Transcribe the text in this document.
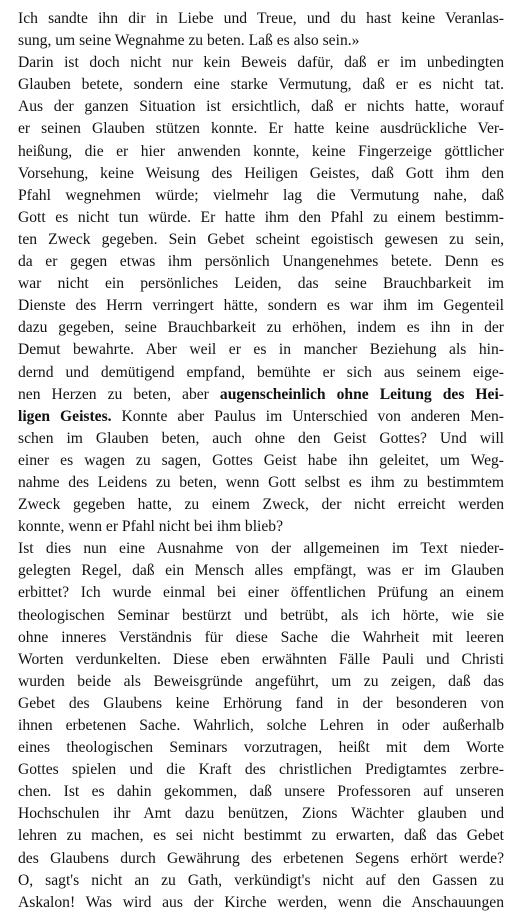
Ich sandte ihn dir in Liebe und Treue, und du hast keine Veranlas-
sung, um seine Wegnahme zu beten. Laß es also sein.»
Darin ist doch nicht nur kein Beweis dafür, daß er im unbedingten
Glauben betete, sondern eine starke Vermutung, daß er es nicht tat.
Aus der ganzen Situation ist ersichtlich, daß er nichts hatte, worauf
er seinen Glauben stützen konnte. Er hatte keine ausdrückliche Ver-
heißung, die er hier anwenden konnte, keine Fingerzeige göttlicher
Vorsehung, keine Weisung des Heiligen Geistes, daß Gott ihm den
Pfahl wegnehmen würde; vielmehr lag die Vermutung nahe, daß
Gott es nicht tun würde. Er hatte ihm den Pfahl zu einem bestimm-
ten Zweck gegeben. Sein Gebet scheint egoistisch gewesen zu sein,
da er gegen etwas ihm persönlich Unangenehmes betete. Denn es
war nicht ein persönliches Leiden, das seine Brauchbarkeit im
Dienste des Herrn verringert hätte, sondern es war ihm im Gegenteil
dazu gegeben, seine Brauchbarkeit zu erhöhen, indem es ihn in der
Demut bewahrte. Aber weil er es in mancher Beziehung als hin-
dernd und demütigend empfand, bemühte er sich aus seinem eige-
nen Herzen zu beten, aber augenscheinlich ohne Leitung des Hei-
ligen Geistes. Konnte aber Paulus im Unterschied von anderen Men-
schen im Glauben beten, auch ohne den Geist Gottes? Und will
einer es wagen zu sagen, Gottes Geist habe ihn geleitet, um Weg-
nahme des Leidens zu beten, wenn Gott selbst es ihm zu bestimmtem
Zweck gegeben hatte, zu einem Zweck, der nicht erreicht werden
konnte, wenn er Pfahl nicht bei ihm blieb?
Ist dies nun eine Ausnahme von der allgemeinen im Text nieder-
gelegten Regel, daß ein Mensch alles empfängt, was er im Glauben
erbittet? Ich wurde einmal bei einer öffentlichen Prüfung an einem
theologischen Seminar bestürzt und betrübt, als ich hörte, wie sie
ohne inneres Verständnis für diese Sache die Wahrheit mit leeren
Worten verdunkelten. Diese eben erwähnten Fälle Pauli und Christi
wurden beide als Beweisgründe angeführt, um zu zeigen, daß das
Gebet des Glaubens keine Erhörung fand in der besonderen von
ihnen erbetenen Sache. Wahrlich, solche Lehren in oder außerhalb
eines theologischen Seminars vorzutragen, heißt mit dem Worte
Gottes spielen und die Kraft des christlichen Predigtamtes zerbre-
chen. Ist es dahin gekommen, daß unsere Professoren auf unseren
Hochschulen ihr Amt dazu benützen, Zions Wächter glauben und
lehren zu machen, es sei nicht bestimmt zu erwarten, daß das Gebet
des Glaubens durch Gewährung des erbetenen Segens erhört werde?
O, sagt's nicht an zu Gath, verkündigt's nicht auf den Gassen zu
Askalon! Was wird aus der Kirche werden, wenn die Anschauungen
